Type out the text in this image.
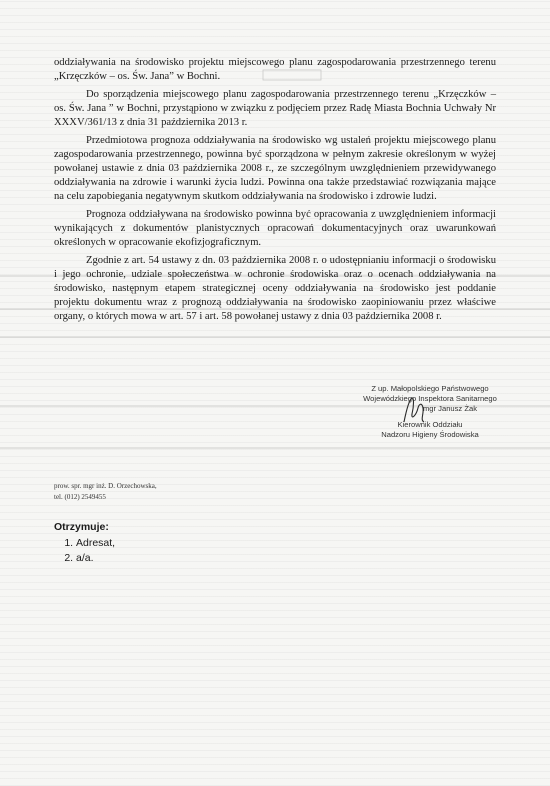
oddziaływania na środowisko projektu miejscowego planu zagospodarowania przestrzennego terenu „Krzęczków – os. Św. Jana” w Bochni.

Do sporządzenia miejscowego planu zagospodarowania przestrzennego terenu „Krzęczków – os. Św. Jana ” w Bochni, przystąpiono w związku z podjęciem przez Radę Miasta Bochnia Uchwały Nr XXXV/361/13 z dnia 31 października 2013 r.

Przedmiotowa prognoza oddziaływania na środowisko wg ustaleń projektu miejscowego planu zagospodarowania przestrzennego, powinna być sporządzona w pełnym zakresie określonym w wyżej powołanej ustawie z dnia 03 października 2008 r., ze szczególnym uwzględnieniem przewidywanego oddziaływania na zdrowie i warunki życia ludzi. Powinna ona także przedstawiać rozwiązania mające na celu zapobiegania negatywnym skutkom oddziaływania na środowisko i zdrowie ludzi.

Prognoza oddziaływana na środowisko powinna być opracowania z uwzględnieniem informacji wynikających z dokumentów planistycznych opracowań dokumentacyjnych oraz uwarunkowań określonych w opracowanie ekofizjograficznym.

Zgodnie z art. 54 ustawy z dn. 03 października 2008 r. o udostępnianiu informacji o środowisku i jego ochronie, udziale społeczeństwa w ochronie środowiska oraz o ocenach oddziaływania na środowisko, następnym etapem strategicznej oceny oddziaływania na środowisko jest poddanie projektu dokumentu wraz z prognozą oddziaływania na środowisko zaopiniowaniu przez właściwe organy, o których mowa w art. 57 i art. 58 powołanej ustawy z dnia 03 października 2008 r.

Z up. Małopolskiego Państwowego
Wojewódzkiego Inspektora Sanitarnego
mgr Janusz Żak
Kierownik Oddziału
Nadzoru Higieny Środowiska
prow. spr. mgr inż. D. Orzechowska,
tel. (012) 2549455
Otrzymuje:
1. Adresat,
2. a/a.
